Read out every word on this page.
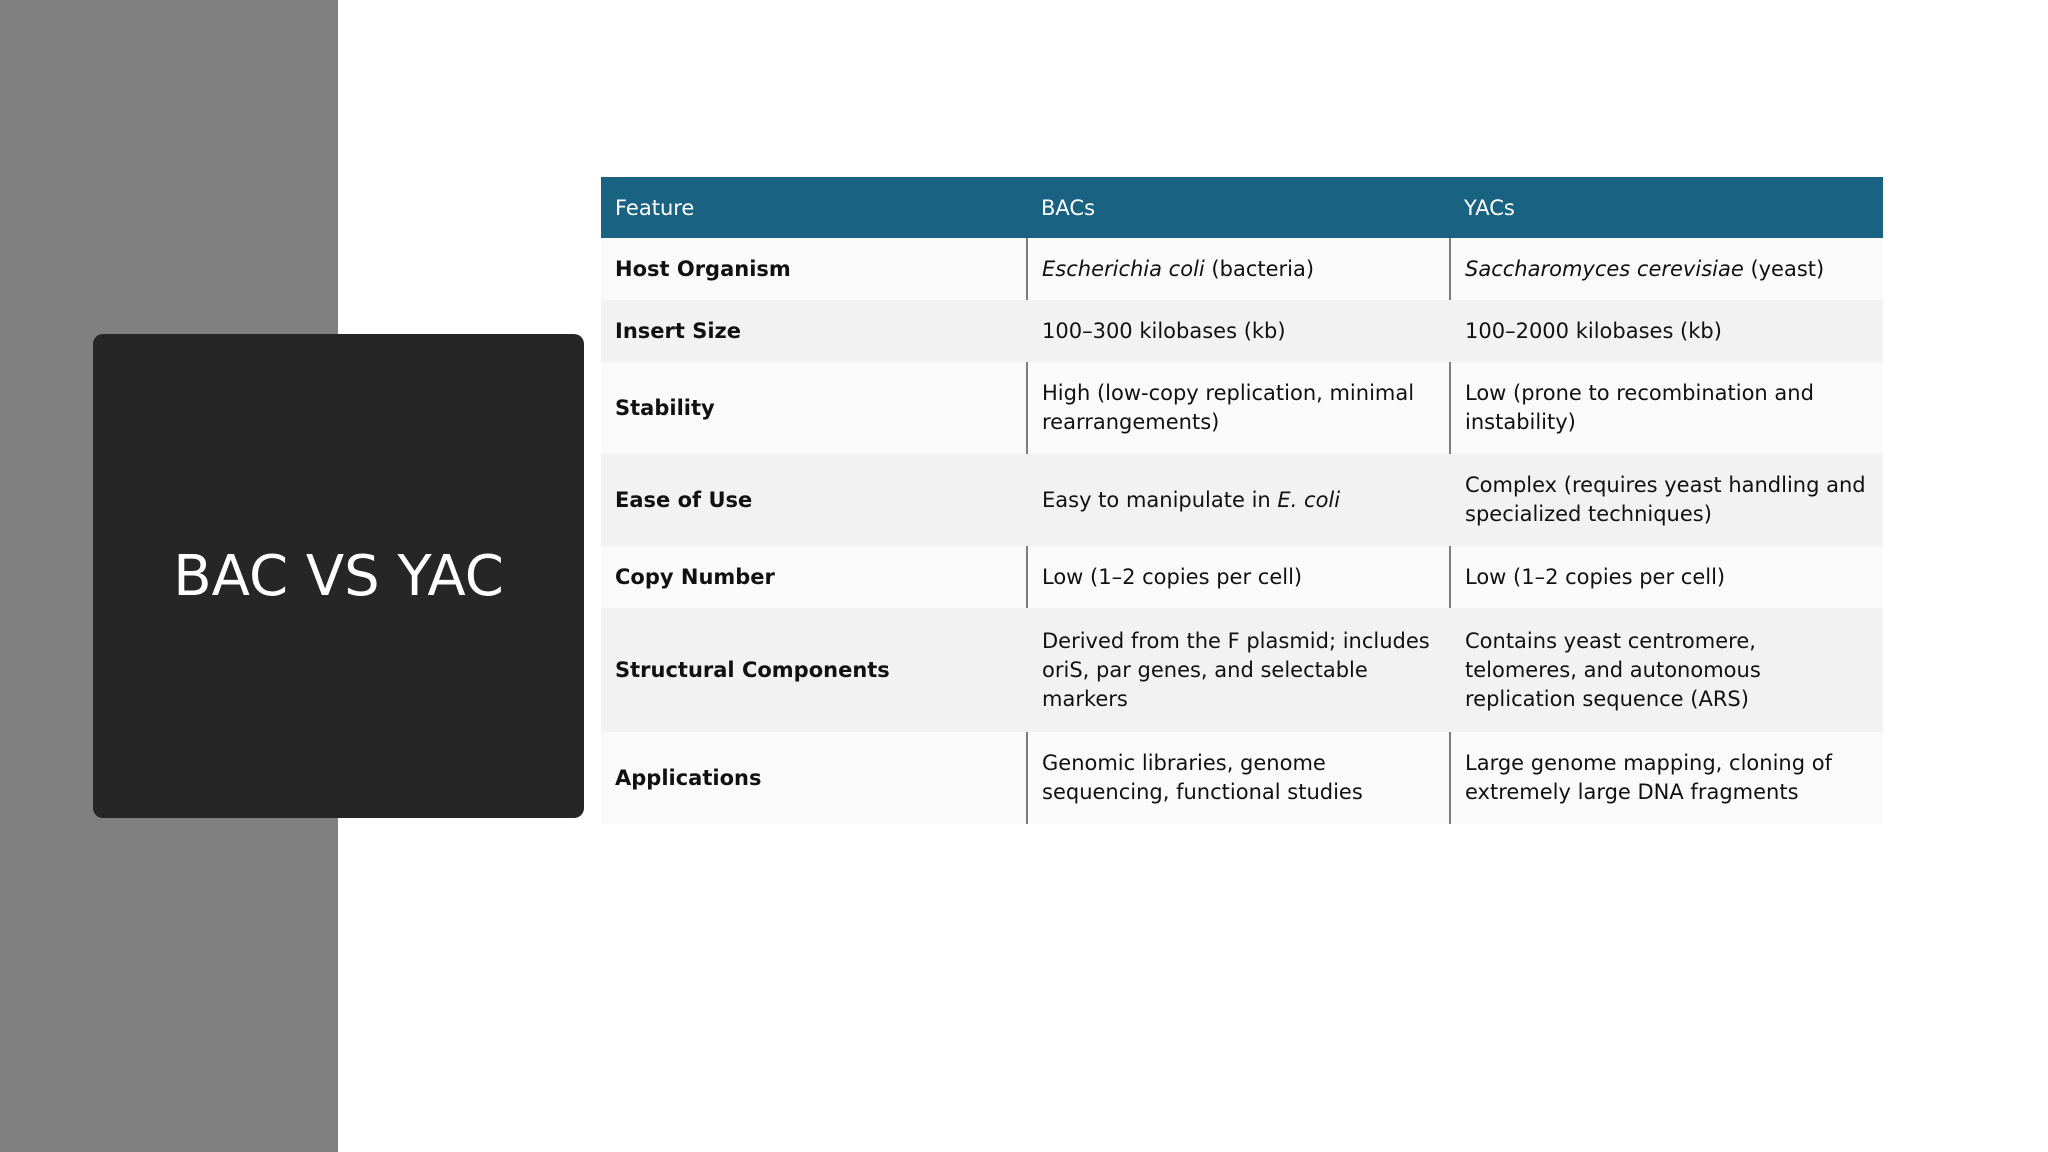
BAC VS YAC
Feature	BACs	YACs
Host Organism	Escherichia coli (bacteria)	Saccharomyces cerevisiae (yeast)
Insert Size	100–300 kilobases (kb)	100–2000 kilobases (kb)
Stability	High (low-copy replication, minimal rearrangements)	Low (prone to recombination and instability)
Ease of Use	Easy to manipulate in E. coli	Complex (requires yeast handling and specialized techniques)
Copy Number	Low (1–2 copies per cell)	Low (1–2 copies per cell)
Structural Components	Derived from the F plasmid; includes oriS, par genes, and selectable markers	Contains yeast centromere, telomeres, and autonomous replication sequence (ARS)
Applications	Genomic libraries, genome sequencing, functional studies	Large genome mapping, cloning of extremely large DNA fragments
